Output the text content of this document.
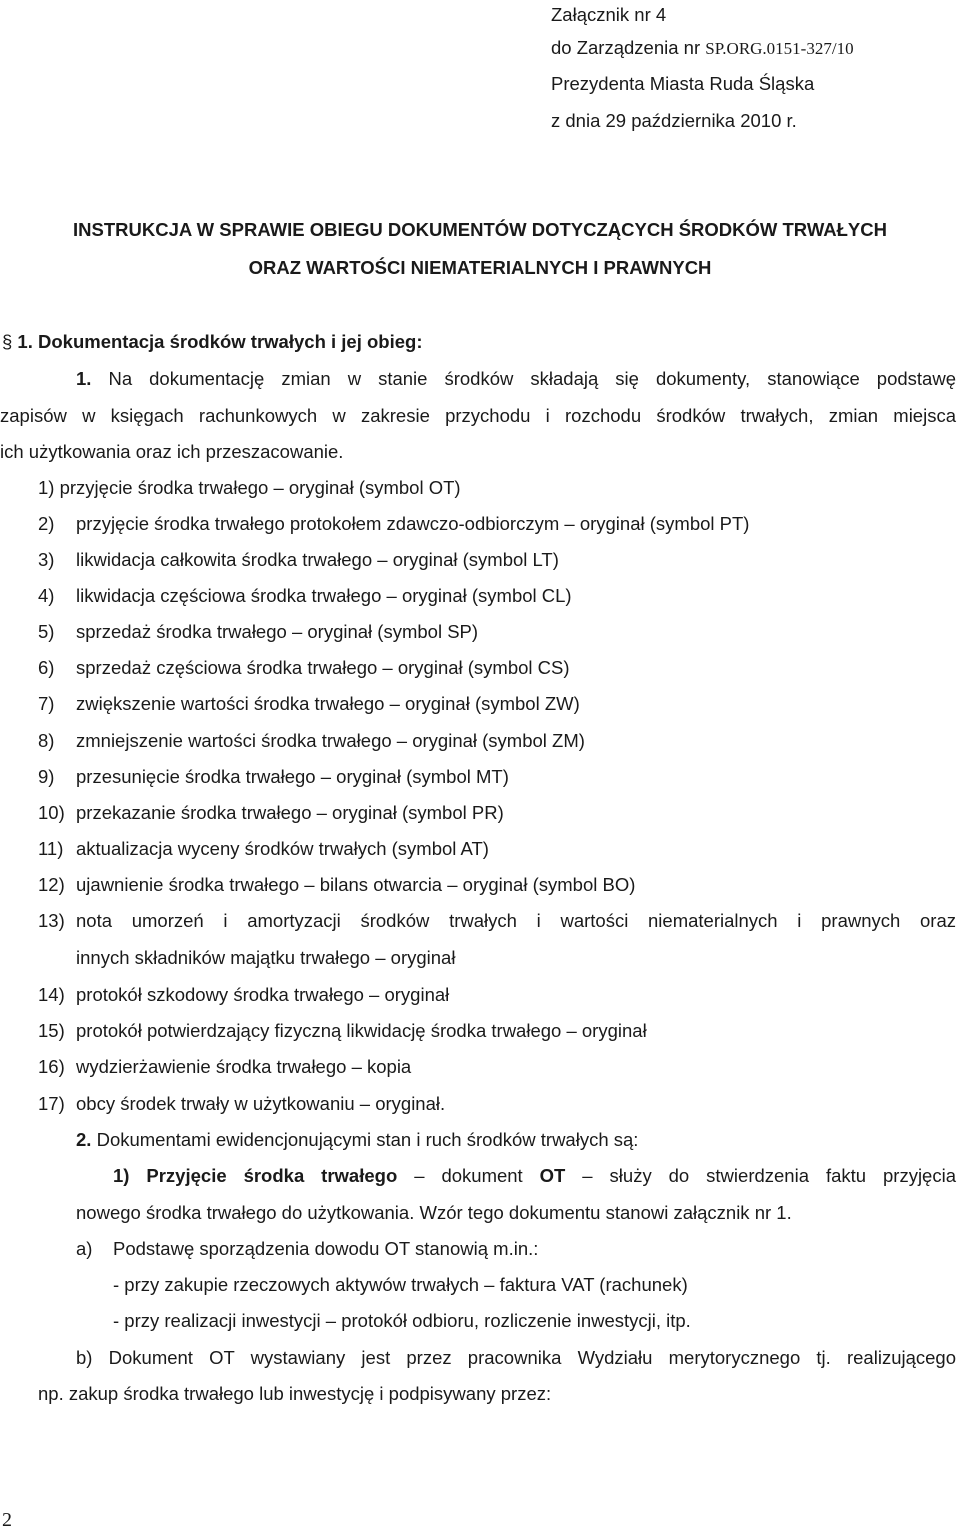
Załącznik nr 4
do Zarządzenia nr SP.ORG.0151-327/10
Prezydenta Miasta Ruda Śląska
z dnia 29 października 2010 r.
INSTRUKCJA W SPRAWIE OBIEGU DOKUMENTÓW DOTYCZĄCYCH ŚRODKÓW TRWAŁYCH
ORAZ WARTOŚCI NIEMATERIALNYCH I PRAWNYCH
§ 1. Dokumentacja środków trwałych i jej obieg:
1. Na dokumentację zmian w stanie środków składają się dokumenty, stanowiące podstawę
zapisów w księgach rachunkowych w zakresie przychodu i rozchodu środków trwałych, zmian miejsca
ich użytkowania oraz ich przeszacowanie.
1) przyjęcie środka trwałego – oryginał (symbol OT)
2) przyjęcie środka trwałego protokołem zdawczo-odbiorczym – oryginał (symbol PT)
3) likwidacja całkowita środka trwałego – oryginał (symbol LT)
4) likwidacja częściowa środka trwałego – oryginał (symbol CL)
5) sprzedaż środka trwałego – oryginał (symbol SP)
6) sprzedaż częściowa środka trwałego – oryginał (symbol CS)
7) zwiększenie wartości środka trwałego – oryginał (symbol ZW)
8) zmniejszenie wartości środka trwałego – oryginał (symbol ZM)
9) przesunięcie środka trwałego – oryginał (symbol MT)
10) przekazanie środka trwałego – oryginał (symbol PR)
11) aktualizacja wyceny środków trwałych (symbol AT)
12) ujawnienie środka trwałego – bilans otwarcia – oryginał (symbol BO)
13) nota umorzeń i amortyzacji środków trwałych i wartości niematerialnych i prawnych oraz
innych składników majątku trwałego – oryginał
14) protokół szkodowy środka trwałego – oryginał
15) protokół potwierdzający fizyczną likwidację środka trwałego – oryginał
16) wydzierżawienie środka trwałego – kopia
17) obcy środek trwały w użytkowaniu – oryginał.
2. Dokumentami ewidencjonującymi stan i ruch środków trwałych są:
1) Przyjęcie środka trwałego – dokument OT – służy do stwierdzenia faktu przyjęcia
nowego środka trwałego do użytkowania. Wzór tego dokumentu stanowi załącznik nr 1.
a) Podstawę sporządzenia dowodu OT stanowią m.in.:
- przy zakupie rzeczowych aktywów trwałych – faktura VAT (rachunek)
- przy realizacji inwestycji – protokół odbioru, rozliczenie inwestycji, itp.
b) Dokument OT wystawiany jest przez pracownika Wydziału merytorycznego tj. realizującego
np. zakup środka trwałego lub inwestycję i podpisywany przez:
2
